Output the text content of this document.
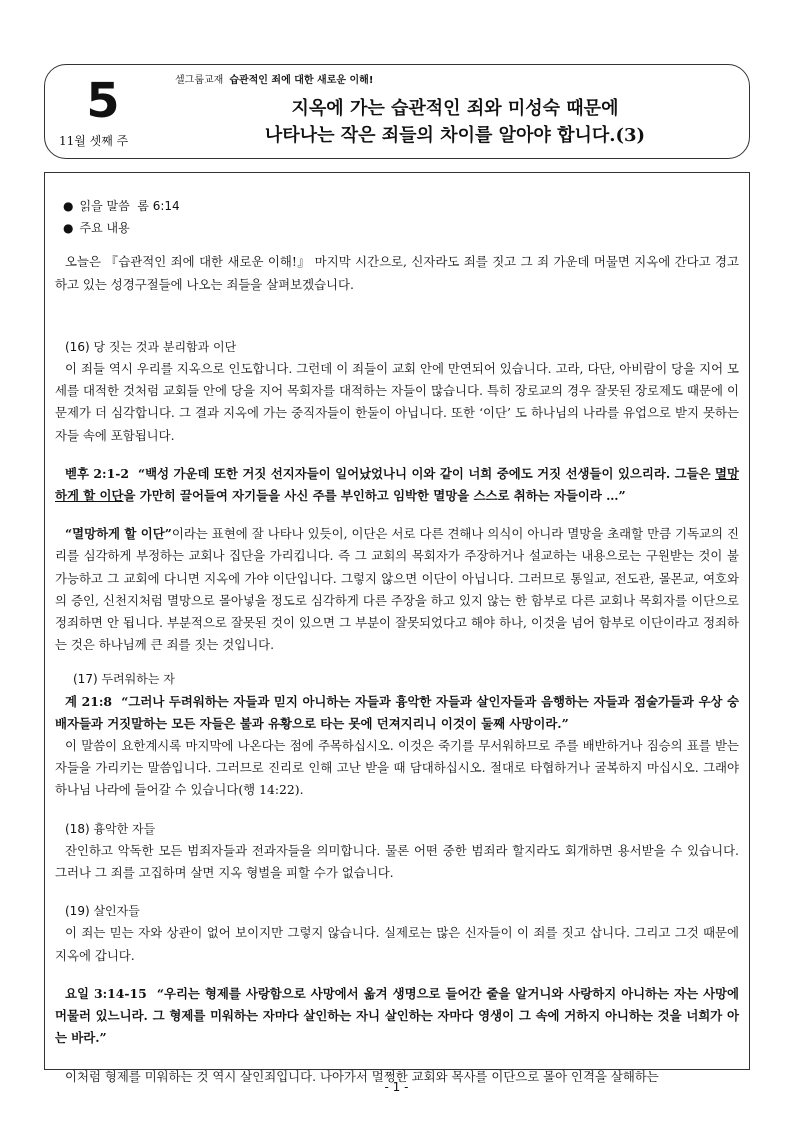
5
11월 셋째 주
셀그룹교재 습관적인 죄에 대한 새로운 이해!
지옥에 가는 습관적인 죄와 미성숙 때문에
나타나는 작은 죄들의 차이를 알아야 합니다.(3)
● 읽을 말씀 롬 6:14
● 주요 내용

오늘은 『습관적인 죄에 대한 새로운 이해!』 마지막 시간으로, 신자라도 죄를 짓고 그 죄 가운데 머물면 지옥에 간다고 경고하고 있는 성경구절들에 나오는 죄들을 살펴보겠습니다.

(16) 당 짓는 것과 분리함과 이단

이 죄들 역시 우리를 지옥으로 인도합니다. 그런데 이 죄들이 교회 안에 만연되어 있습니다. 고라, 다단, 아비람이 당을 지어 모세를 대적한 것처럼 교회들 안에 당을 지어 목회자를 대적하는 자들이 많습니다. 특히 장로교의 경우 잘못된 장로제도 때문에 이 문제가 더 심각합니다. 그 결과 지옥에 가는 중직자들이 한둘이 아닙니다. 또한 ‘이단’ 도 하나님의 나라를 유업으로 받지 못하는 자들 속에 포함됩니다.

벧후 2:1-2 “백성 가운데 또한 거짓 선지자들이 일어났었나니 이와 같이 너희 중에도 거짓 선생들이 있으리라. 그들은 멸망하게 할 이단을 가만히 끌어들여 자기들을 사신 주를 부인하고 임박한 멸망을 스스로 취하는 자들이라 …”

“멸망하게 할 이단”이라는 표현에 잘 나타나 있듯이, 이단은 서로 다른 견해나 의식이 아니라 멸망을 초래할 만큼 기독교의 진리를 심각하게 부정하는 교회나 집단을 가리킵니다. 즉 그 교회의 목회자가 주장하거나 설교하는 내용으로는 구원받는 것이 불가능하고 그 교회에 다니면 지옥에 가야 이단입니다. 그렇지 않으면 이단이 아닙니다. 그러므로 통일교, 전도관, 몰몬교, 여호와의 증인, 신천지처럼 멸망으로 몰아넣을 정도로 심각하게 다른 주장을 하고 있지 않는 한 함부로 다른 교회나 목회자를 이단으로 정죄하면 안 됩니다. 부분적으로 잘못된 것이 있으면 그 부분이 잘못되었다고 해야 하나, 이것을 넘어 함부로 이단이라고 정죄하는 것은 하나님께 큰 죄를 짓는 것입니다.

(17) 두려워하는 자

계 21:8 “그러나 두려워하는 자들과 믿지 아니하는 자들과 흉악한 자들과 살인자들과 음행하는 자들과 점술가들과 우상 숭배자들과 거짓말하는 모든 자들은 불과 유황으로 타는 못에 던져지리니 이것이 둘째 사망이라.”

이 말씀이 요한계시록 마지막에 나온다는 점에 주목하십시오. 이것은 죽기를 무서워하므로 주를 배반하거나 짐승의 표를 받는 자들을 가리키는 말씀입니다. 그러므로 진리로 인해 고난 받을 때 담대하십시오. 절대로 타협하거나 굴복하지 마십시오. 그래야 하나님 나라에 들어갈 수 있습니다(행 14:22).

(18) 흉악한 자들

잔인하고 악독한 모든 범죄자들과 전과자들을 의미합니다. 물론 어떤 중한 범죄라 할지라도 회개하면 용서받을 수 있습니다. 그러나 그 죄를 고집하며 살면 지옥 형벌을 피할 수가 없습니다.

(19) 살인자들

이 죄는 믿는 자와 상관이 없어 보이지만 그렇지 않습니다. 실제로는 많은 신자들이 이 죄를 짓고 삽니다. 그리고 그것 때문에 지옥에 갑니다.

요일 3:14-15 “우리는 형제를 사랑함으로 사망에서 옮겨 생명으로 들어간 줄을 알거니와 사랑하지 아니하는 자는 사망에 머물러 있느니라. 그 형제를 미워하는 자마다 살인하는 자니 살인하는 자마다 영생이 그 속에 거하지 아니하는 것을 너희가 아는 바라.”

이처럼 형제를 미워하는 것 역시 살인죄입니다. 나아가서 멀쩡한 교회와 목사를 이단으로 몰아 인격을 살해하는

- 1 -
